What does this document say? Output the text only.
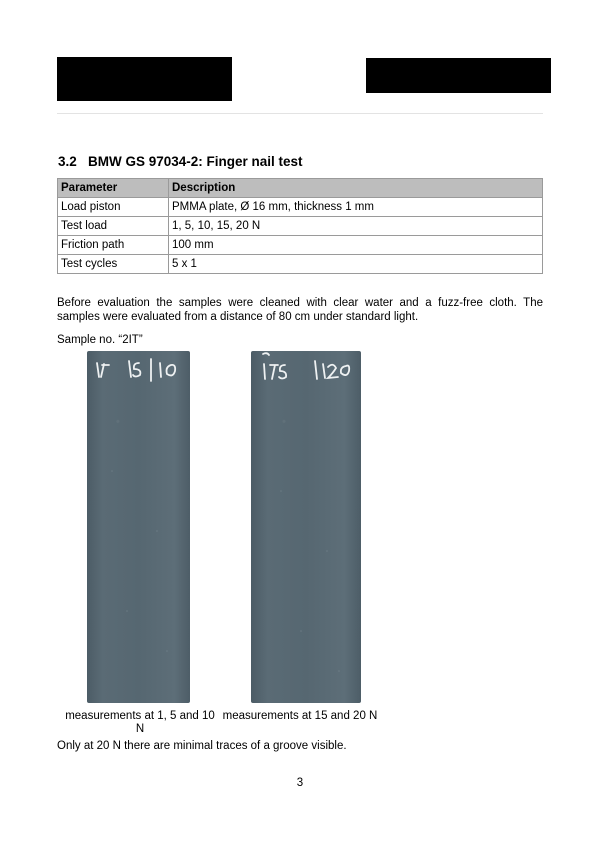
3.2 BMW GS 97034-2: Finger nail test
Parameter	Description
Load piston	PMMA plate, Ø 16 mm, thickness 1 mm
Test load	1, 5, 10, 15, 20 N
Friction path	100 mm
Test cycles	5 x 1
Before evaluation the samples were cleaned with clear water and a fuzz-free cloth. The samples were evaluated from a distance of 80 cm under standard light.
Sample no. “2IT”
measurements at 1, 5 and 10 N
measurements at 15 and 20 N
Only at 20 N there are minimal traces of a groove visible.
3
